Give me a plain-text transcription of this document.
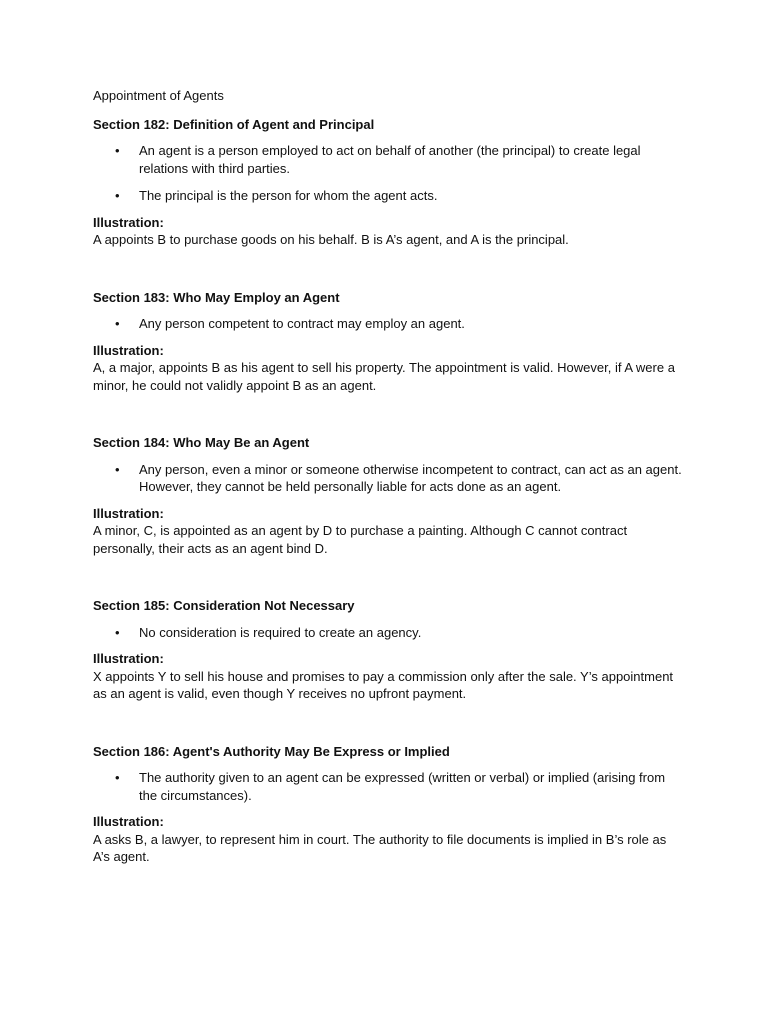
Appointment of Agents

Section 182: Definition of Agent and Principal

• An agent is a person employed to act on behalf of another (the principal) to create legal relations with third parties.
• The principal is the person for whom the agent acts.

Illustration:

A appoints B to purchase goods on his behalf. B is A’s agent, and A is the principal.

Section 183: Who May Employ an Agent

• Any person competent to contract may employ an agent.

Illustration:

A, a major, appoints B as his agent to sell his property. The appointment is valid. However, if A were a minor, he could not validly appoint B as an agent.

Section 184: Who May Be an Agent

• Any person, even a minor or someone otherwise incompetent to contract, can act as an agent. However, they cannot be held personally liable for acts done as an agent.

Illustration:

A minor, C, is appointed as an agent by D to purchase a painting. Although C cannot contract personally, their acts as an agent bind D.

Section 185: Consideration Not Necessary

• No consideration is required to create an agency.

Illustration:

X appoints Y to sell his house and promises to pay a commission only after the sale. Y’s appointment as an agent is valid, even though Y receives no upfront payment.

Section 186: Agent's Authority May Be Express or Implied

• The authority given to an agent can be expressed (written or verbal) or implied (arising from the circumstances).

Illustration:

A asks B, a lawyer, to represent him in court. The authority to file documents is implied in B’s role as A’s agent.
